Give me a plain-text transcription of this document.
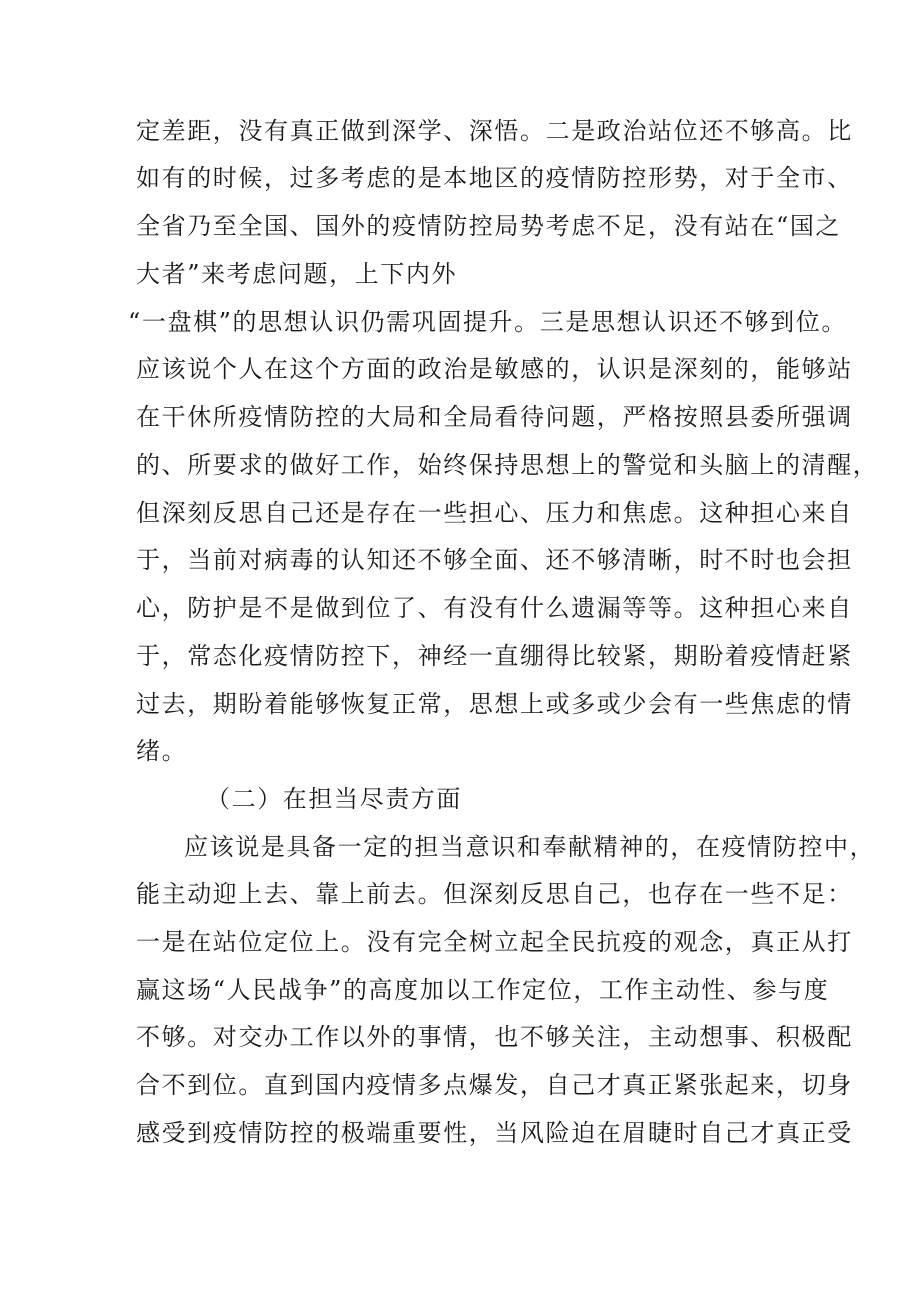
定差距，没有真正做到深学、深悟。二是政治站位还不够高。比
如有的时候，过多考虑的是本地区的疫情防控形势，对于全市、
全省乃至全国、国外的疫情防控局势考虑不足，没有站在“国之
大者”来考虑问题，上下内外
“一盘棋”的思想认识仍需巩固提升。三是思想认识还不够到位。
应该说个人在这个方面的政治是敏感的，认识是深刻的，能够站
在干休所疫情防控的大局和全局看待问题，严格按照县委所强调
的、所要求的做好工作，始终保持思想上的警觉和头脑上的清醒，
但深刻反思自己还是存在一些担心、压力和焦虑。这种担心来自
于，当前对病毒的认知还不够全面、还不够清晰，时不时也会担
心，防护是不是做到位了、有没有什么遗漏等等。这种担心来自
于，常态化疫情防控下，神经一直绷得比较紧，期盼着疫情赶紧
过去，期盼着能够恢复正常，思想上或多或少会有一些焦虑的情
绪。
（二）在担当尽责方面
应该说是具备一定的担当意识和奉献精神的，在疫情防控中，
能主动迎上去、靠上前去。但深刻反思自己，也存在一些不足：
一是在站位定位上。没有完全树立起全民抗疫的观念，真正从打
赢这场“人民战争”的高度加以工作定位，工作主动性、参与度
不够。对交办工作以外的事情，也不够关注，主动想事、积极配
合不到位。直到国内疫情多点爆发，自己才真正紧张起来，切身
感受到疫情防控的极端重要性，当风险迫在眉睫时自己才真正受
